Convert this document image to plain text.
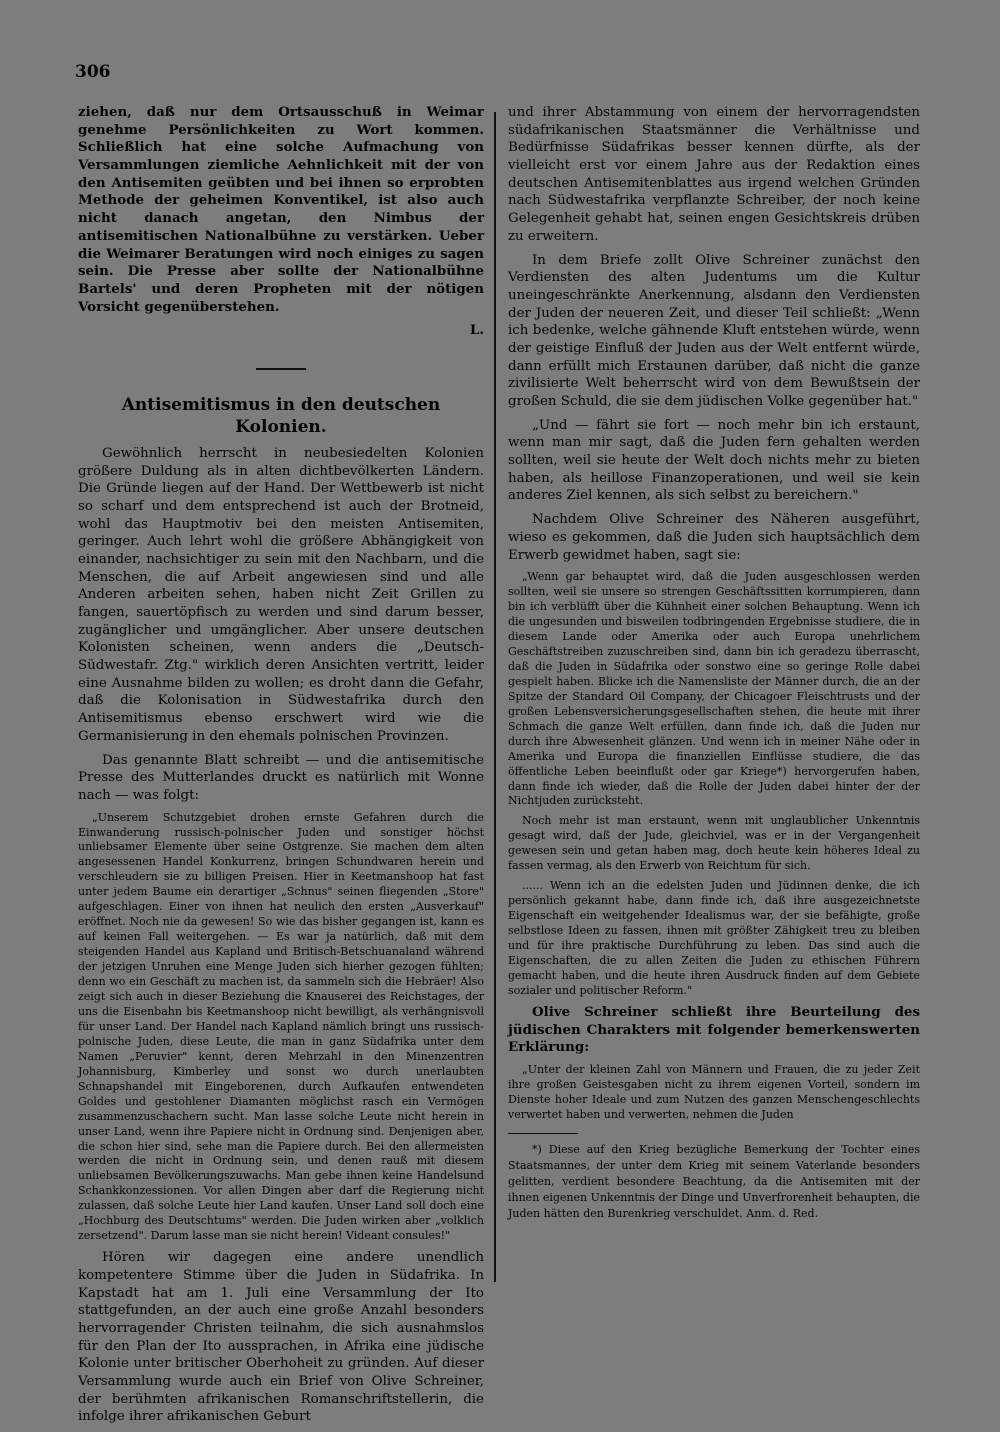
306

ziehen, daß nur dem Ortsausschuß in Weimar genehme Persönlichkeiten zu Wort kommen. Schließlich hat eine solche Aufmachung von Versammlungen ziemliche Aehnlichkeit mit der von den Antisemiten geübten und bei ihnen so erprobten Methode der geheimen Konventikel, ist also auch nicht danach angetan, den Nimbus der antisemitischen Nationalbühne zu verstärken. Ueber die Weimarer Beratungen wird noch einiges zu sagen sein. Die Presse aber sollte der Nationalbühne Bartels' und deren Propheten mit der nötigen Vorsicht gegenüberstehen.

L.

Antisemitismus in den deutschen Kolonien.

Gewöhnlich herrscht in neubesiedelten Kolonien größere Duldung als in alten dichtbevölkerten Ländern. Die Gründe liegen auf der Hand. Der Wettbewerb ist nicht so scharf und dem entsprechend ist auch der Brotneid, wohl das Hauptmotiv bei den meisten Antisemiten, geringer. Auch lehrt wohl die größere Abhängigkeit von einander, nachsichtiger zu sein mit den Nachbarn, und die Menschen, die auf Arbeit angewiesen sind und alle Anderen arbeiten sehen, haben nicht Zeit Grillen zu fangen, sauertöpfisch zu werden und sind darum besser, zugänglicher und umgänglicher. Aber unsere deutschen Kolonisten scheinen, wenn anders die „Deutsch-Südwestafr. Ztg." wirklich deren Ansichten vertritt, leider eine Ausnahme bilden zu wollen; es droht dann die Gefahr, daß die Kolonisation in Südwestafrika durch den Antisemitismus ebenso erschwert wird wie die Germanisierung in den ehemals polnischen Provinzen.

Das genannte Blatt schreibt — und die antisemitische Presse des Mutterlandes druckt es natürlich mit Wonne nach — was folgt:

„Unserem Schutzgebiet drohen ernste Gefahren durch die Einwanderung russisch-polnischer Juden und sonstiger höchst unliebsamer Elemente über seine Ostgrenze. Sie machen dem alten angesessenen Handel Konkurrenz, bringen Schundwaren herein und verschleudern sie zu billigen Preisen. Hier in Keetmanshoop hat fast unter jedem Baume ein derartiger „Schnus" seinen fliegenden „Store" aufgeschlagen. Einer von ihnen hat neulich den ersten „Ausverkauf" eröffnet. Noch nie da gewesen! So wie das bisher gegangen ist, kann es auf keinen Fall weitergehen. — Es war ja natürlich, daß mit dem steigenden Handel aus Kapland und Britisch-Betschuanaland während der jetzigen Unruhen eine Menge Juden sich hierher gezogen fühlten; denn wo ein Geschäft zu machen ist, da sammeln sich die Hebräer! Also zeigt sich auch in dieser Beziehung die Knauserei des Reichstages, der uns die Eisenbahn bis Keetmanshoop nicht bewilligt, als verhängnisvoll für unser Land. Der Handel nach Kapland nämlich bringt uns russisch-polnische Juden, diese Leute, die man in ganz Südafrika unter dem Namen „Peruvier" kennt, deren Mehrzahl in den Minenzentren Johannisburg, Kimberley und sonst wo durch unerlaubten Schnapshandel mit Eingeborenen, durch Aufkaufen entwendeten Goldes und gestohlener Diamanten möglichst rasch ein Vermögen zusammenzuschachern sucht. Man lasse solche Leute nicht herein in unser Land, wenn ihre Papiere nicht in Ordnung sind. Denjenigen aber, die schon hier sind, sehe man die Papiere durch. Bei den allermeisten werden die nicht in Ordnung sein, und denen rauß mit diesem unliebsamen Bevölkerungszuwachs. Man gebe ihnen keine Handelsund Schankkonzessionen. Vor allen Dingen aber darf die Regierung nicht zulassen, daß solche Leute hier Land kaufen. Unser Land soll doch eine „Hochburg des Deutschtums" werden. Die Juden wirken aber „volklich zersetzend". Darum lasse man sie nicht herein! Videant consules!"

Hören wir dagegen eine andere unendlich kompetentere Stimme über die Juden in Südafrika. In Kapstadt hat am 1. Juli eine Versammlung der Ito stattgefunden, an der auch eine große Anzahl besonders hervorragender Christen teilnahm, die sich ausnahmslos für den Plan der Ito aussprachen, in Afrika eine jüdische Kolonie unter britischer Oberhoheit zu gründen. Auf dieser Versammlung wurde auch ein Brief von Olive Schreiner, der berühmten afrikanischen Romanschriftstellerin, die infolge ihrer afrikanischen Geburt

und ihrer Abstammung von einem der hervorragendsten südafrikanischen Staatsmänner die Verhältnisse und Bedürfnisse Südafrikas besser kennen dürfte, als der vielleicht erst vor einem Jahre aus der Redaktion eines deutschen Antisemitenblattes aus irgend welchen Gründen nach Südwestafrika verpflanzte Schreiber, der noch keine Gelegenheit gehabt hat, seinen engen Gesichtskreis drüben zu erweitern.

In dem Briefe zollt Olive Schreiner zunächst den Verdiensten des alten Judentums um die Kultur uneingeschränkte Anerkennung, alsdann den Verdiensten der Juden der neueren Zeit, und dieser Teil schließt: „Wenn ich bedenke, welche gähnende Kluft entstehen würde, wenn der geistige Einfluß der Juden aus der Welt entfernt würde, dann erfüllt mich Erstaunen darüber, daß nicht die ganze zivilisierte Welt beherrscht wird von dem Bewußtsein der großen Schuld, die sie dem jüdischen Volke gegenüber hat."

„Und — fährt sie fort — noch mehr bin ich erstaunt, wenn man mir sagt, daß die Juden fern gehalten werden sollten, weil sie heute der Welt doch nichts mehr zu bieten haben, als heillose Finanzoperationen, und weil sie kein anderes Ziel kennen, als sich selbst zu bereichern."

Nachdem Olive Schreiner des Näheren ausgeführt, wieso es gekommen, daß die Juden sich hauptsächlich dem Erwerb gewidmet haben, sagt sie:

„Wenn gar behauptet wird, daß die Juden ausgeschlossen werden sollten, weil sie unsere so strengen Geschäftssitten korrumpieren, dann bin ich verblüfft über die Kühnheit einer solchen Behauptung. Wenn ich die ungesunden und bisweilen todbringenden Ergebnisse studiere, die in diesem Lande oder Amerika oder auch Europa unehrlichem Geschäftstreiben zuzuschreiben sind, dann bin ich geradezu überrascht, daß die Juden in Südafrika oder sonstwo eine so geringe Rolle dabei gespielt haben. Blicke ich die Namensliste der Männer durch, die an der Spitze der Standard Oil Company, der Chicagoer Fleischtrusts und der großen Lebensversicherungsgesellschaften stehen, die heute mit ihrer Schmach die ganze Welt erfüllen, dann finde ich, daß die Juden nur durch ihre Abwesenheit glänzen. Und wenn ich in meiner Nähe oder in Amerika und Europa die finanziellen Einflüsse studiere, die das öffentliche Leben beeinflußt oder gar Kriege*) hervorgerufen haben, dann finde ich wieder, daß die Rolle der Juden dabei hinter der der Nichtjuden zurücksteht.

Noch mehr ist man erstaunt, wenn mit unglaublicher Unkenntnis gesagt wird, daß der Jude, gleichviel, was er in der Vergangenheit gewesen sein und getan haben mag, doch heute kein höheres Ideal zu fassen vermag, als den Erwerb von Reichtum für sich.

...... Wenn ich an die edelsten Juden und Jüdinnen denke, die ich persönlich gekannt habe, dann finde ich, daß ihre ausgezeichnetste Eigenschaft ein weitgehender Idealismus war, der sie befähigte, große selbstlose Ideen zu fassen, ihnen mit größter Zähigkeit treu zu bleiben und für ihre praktische Durchführung zu leben. Das sind auch die Eigenschaften, die zu allen Zeiten die Juden zu ethischen Führern gemacht haben, und die heute ihren Ausdruck finden auf dem Gebiete sozialer und politischer Reform."

Olive Schreiner schließt ihre Beurteilung des jüdischen Charakters mit folgender bemerkenswerten Erklärung:

„Unter der kleinen Zahl von Männern und Frauen, die zu jeder Zeit ihre großen Geistesgaben nicht zu ihrem eigenen Vorteil, sondern im Dienste hoher Ideale und zum Nutzen des ganzen Menschengeschlechts verwertet haben und verwerten, nehmen die Juden

*) Diese auf den Krieg bezügliche Bemerkung der Tochter eines Staatsmannes, der unter dem Krieg mit seinem Vaterlande besonders gelitten, verdient besondere Beachtung, da die Antisemiten mit der ihnen eigenen Unkenntnis der Dinge und Unverfrorenheit behaupten, die Juden hätten den Burenkrieg verschuldet. Anm. d. Red.
